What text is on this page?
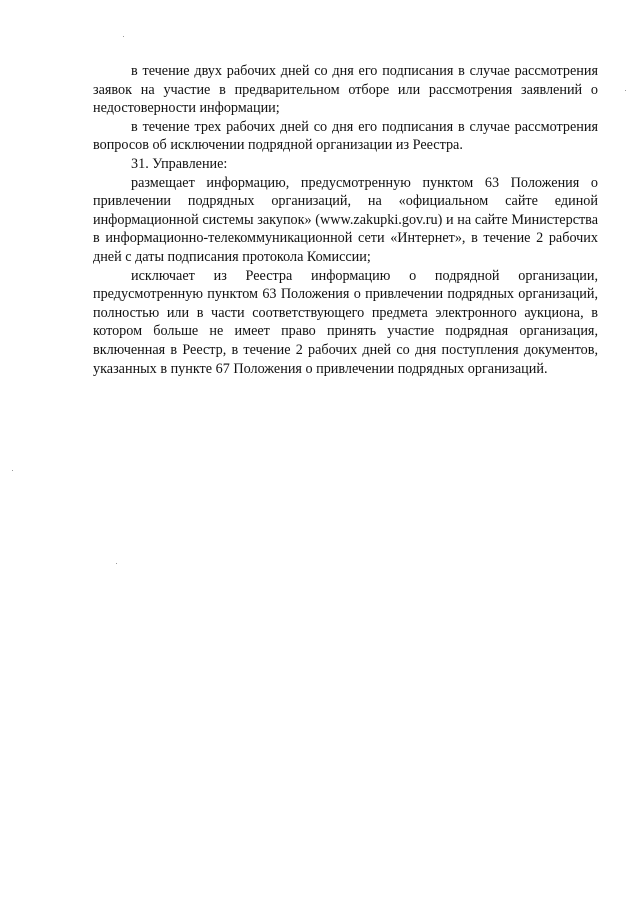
в течение двух рабочих дней со дня его подписания в случае рассмотрения заявок на участие в предварительном отборе или рассмотрения заявлений о недостоверности информации;

в течение трех рабочих дней со дня его подписания в случае рассмотрения вопросов об исключении подрядной организации из Реестра.

31. Управление:

размещает информацию, предусмотренную пунктом 63 Положения о привлечении подрядных организаций, на «официальном сайте единой информационной системы закупок» (www.zakupki.gov.ru) и на сайте Министерства в информационно-телекоммуникационной сети «Интернет», в течение 2 рабочих дней с даты подписания протокола Комиссии;

исключает из Реестра информацию о подрядной организации, предусмотренную пунктом 63 Положения о привлечении подрядных организаций, полностью или в части соответствующего предмета электронного аукциона, в котором больше не имеет право принять участие подрядная организация, включенная в Реестр, в течение 2 рабочих дней со дня поступления документов, указанных в пункте 67 Положения о привлечении подрядных организаций.
